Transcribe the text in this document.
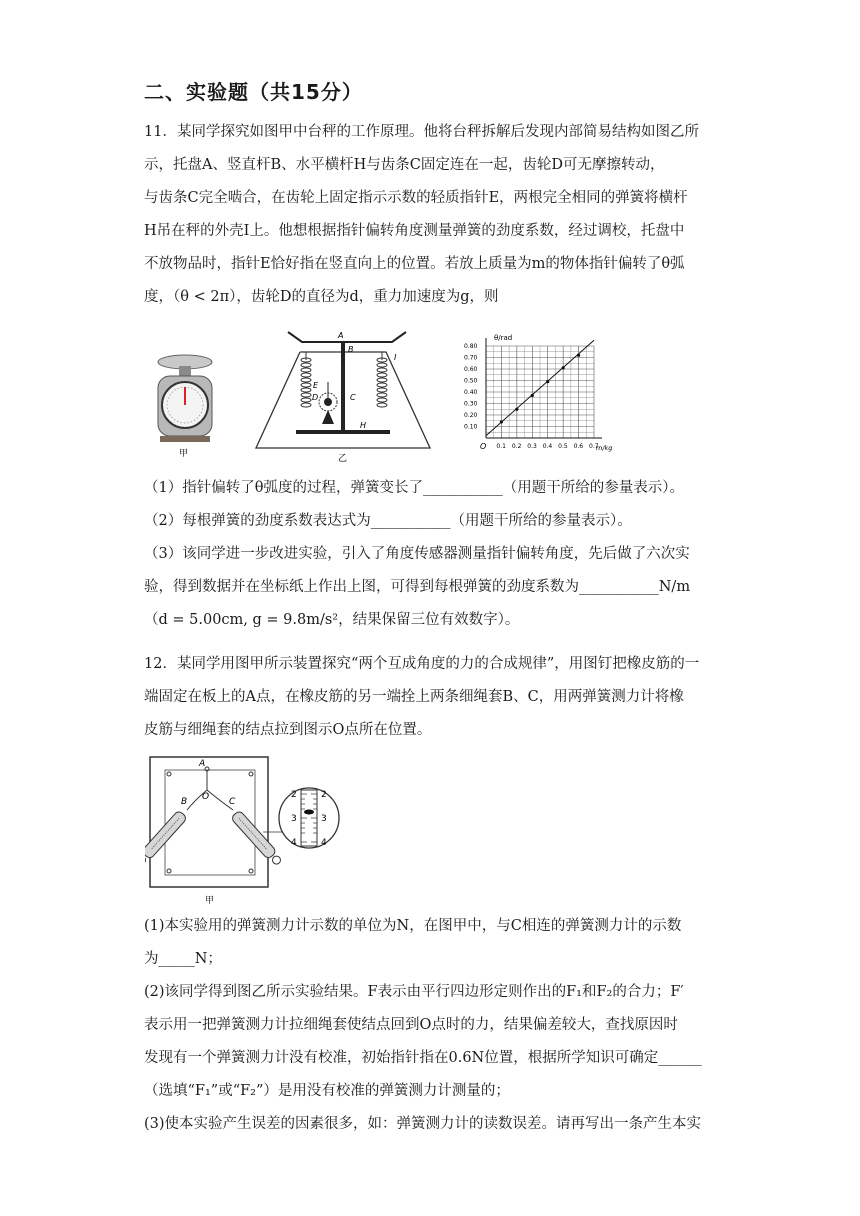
二、实验题（共15分）
11．某同学探究如图甲中台秤的工作原理。他将台秤拆解后发现内部简易结构如图乙所
示，托盘A、竖直杆B、水平横杆H与齿条C固定连在一起，齿轮D可无摩擦转动，
与齿条C完全啮合，在齿轮上固定指示示数的轻质指针E，两根完全相同的弹簧将横杆
H吊在秤的外壳I上。他想根据指针偏转角度测量弹簧的劲度系数，经过调校，托盘中
不放物品时，指针E恰好指在竖直向上的位置。若放上质量为m的物体指针偏转了θ弧
度，（θ < 2π），齿轮D的直径为d，重力加速度为g，则
甲
A
I
B
C
E
D
H
乙
0.1 0.2 0.3 0.4 0.5 0.6 0.7
0.10
0.20
0.30
0.40
0.50
0.60
0.70
0.80
θ/rad
m/kg
O
（1）指针偏转了θ弧度的过程，弹簧变长了___________（用题干所给的参量表示）。
（2）每根弹簧的劲度系数表达式为___________（用题干所给的参量表示）。
（3）该同学进一步改进实验，引入了角度传感器测量指针偏转角度，先后做了六次实
验，得到数据并在坐标纸上作出上图，可得到每根弹簧的劲度系数为___________N/m
（d = 5.00cm, g = 9.8m/s²，结果保留三位有效数字）。
12．某同学用图甲所示装置探究“两个互成角度的力的合成规律”，用图钉把橡皮筋的一
端固定在板上的A点，在橡皮筋的另一端拴上两条细绳套B、C，用两弹簧测力计将橡
皮筋与细绳套的结点拉到图示O点所在位置。
A
O
B	C
2	2
3	3
4	4
甲
(1)本实验用的弹簧测力计示数的单位为N，在图甲中，与C相连的弹簧测力计的示数
为_____N；
(2)该同学得到图乙所示实验结果。F表示由平行四边形定则作出的F₁和F₂的合力；F′
表示用一把弹簧测力计拉细绳套使结点回到O点时的力，结果偏差较大，查找原因时
发现有一个弹簧测力计没有校准，初始指针指在0.6N位置，根据所学知识可确定______
（选填“F₁”或“F₂”）是用没有校准的弹簧测力计测量的；
(3)使本实验产生误差的因素很多，如：弹簧测力计的读数误差。请再写出一条产生本实
